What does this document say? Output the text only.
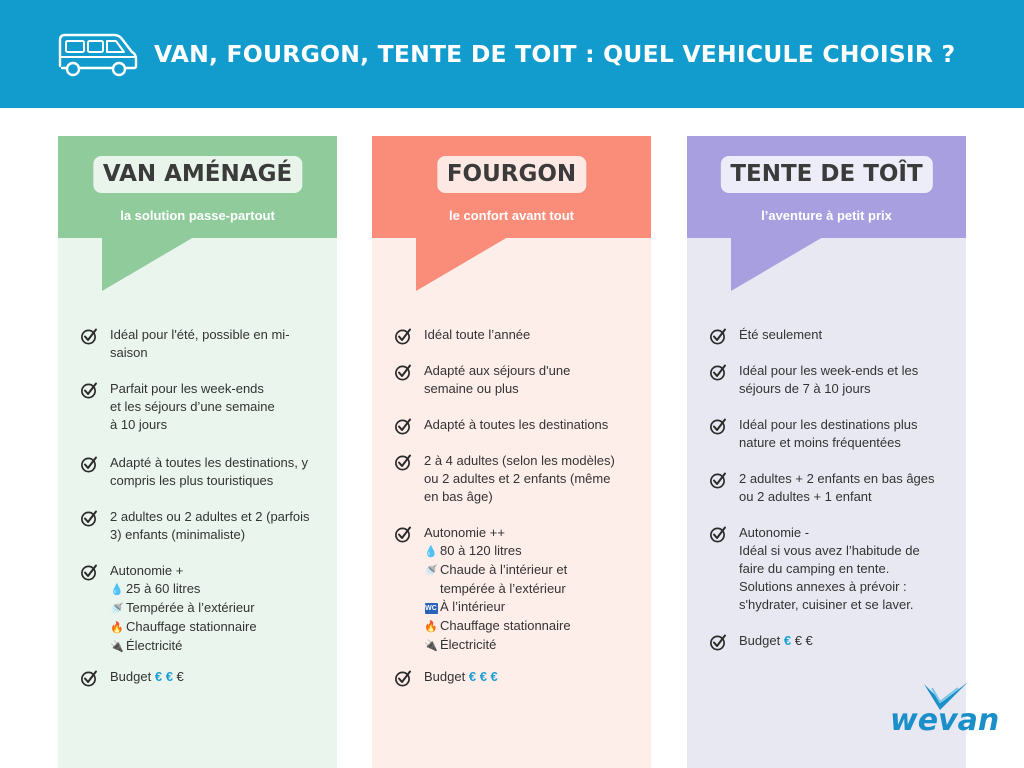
VAN, FOURGON, TENTE DE TOIT : QUEL VEHICULE CHOISIR ?
VAN AMÉNAGÉ
la solution passe-partout
Idéal pour l'été, possible en mi-
saison
Parfait pour les week-ends
et les séjours d’une semaine
à 10 jours
Adapté à toutes les destinations, y
compris les plus touristiques
2 adultes ou 2 adultes et 2 (parfois
3) enfants (minimaliste)
Autonomie +
💧 25 à 60 litres
🚿 Tempérée à l’extérieur
🔥 Chauffage stationnaire
🔌 Électricité
Budget € € €
FOURGON
le confort avant tout
Idéal toute l’année
Adapté aux séjours d'une
semaine ou plus
Adapté à toutes les destinations
2 à 4 adultes (selon les modèles)
ou 2 adultes et 2 enfants (même
en bas âge)
Autonomie ++
💧 80 à 120 litres
🚿 Chaude à l’intérieur et
tempérée à l’extérieur
WC À l’intérieur
🔥 Chauffage stationnaire
🔌 Électricité
Budget € € €
TENTE DE TOÎT
l’aventure à petit prix
Été seulement
Idéal pour les week-ends et les
séjours de 7 à 10 jours
Idéal pour les destinations plus
nature et moins fréquentées
2 adultes + 2 enfants en bas âges
ou 2 adultes + 1 enfant
Autonomie -
Idéal si vous avez l’habitude de
faire du camping en tente.
Solutions annexes à prévoir :
s'hydrater, cuisiner et se laver.
Budget € € €
wevan
